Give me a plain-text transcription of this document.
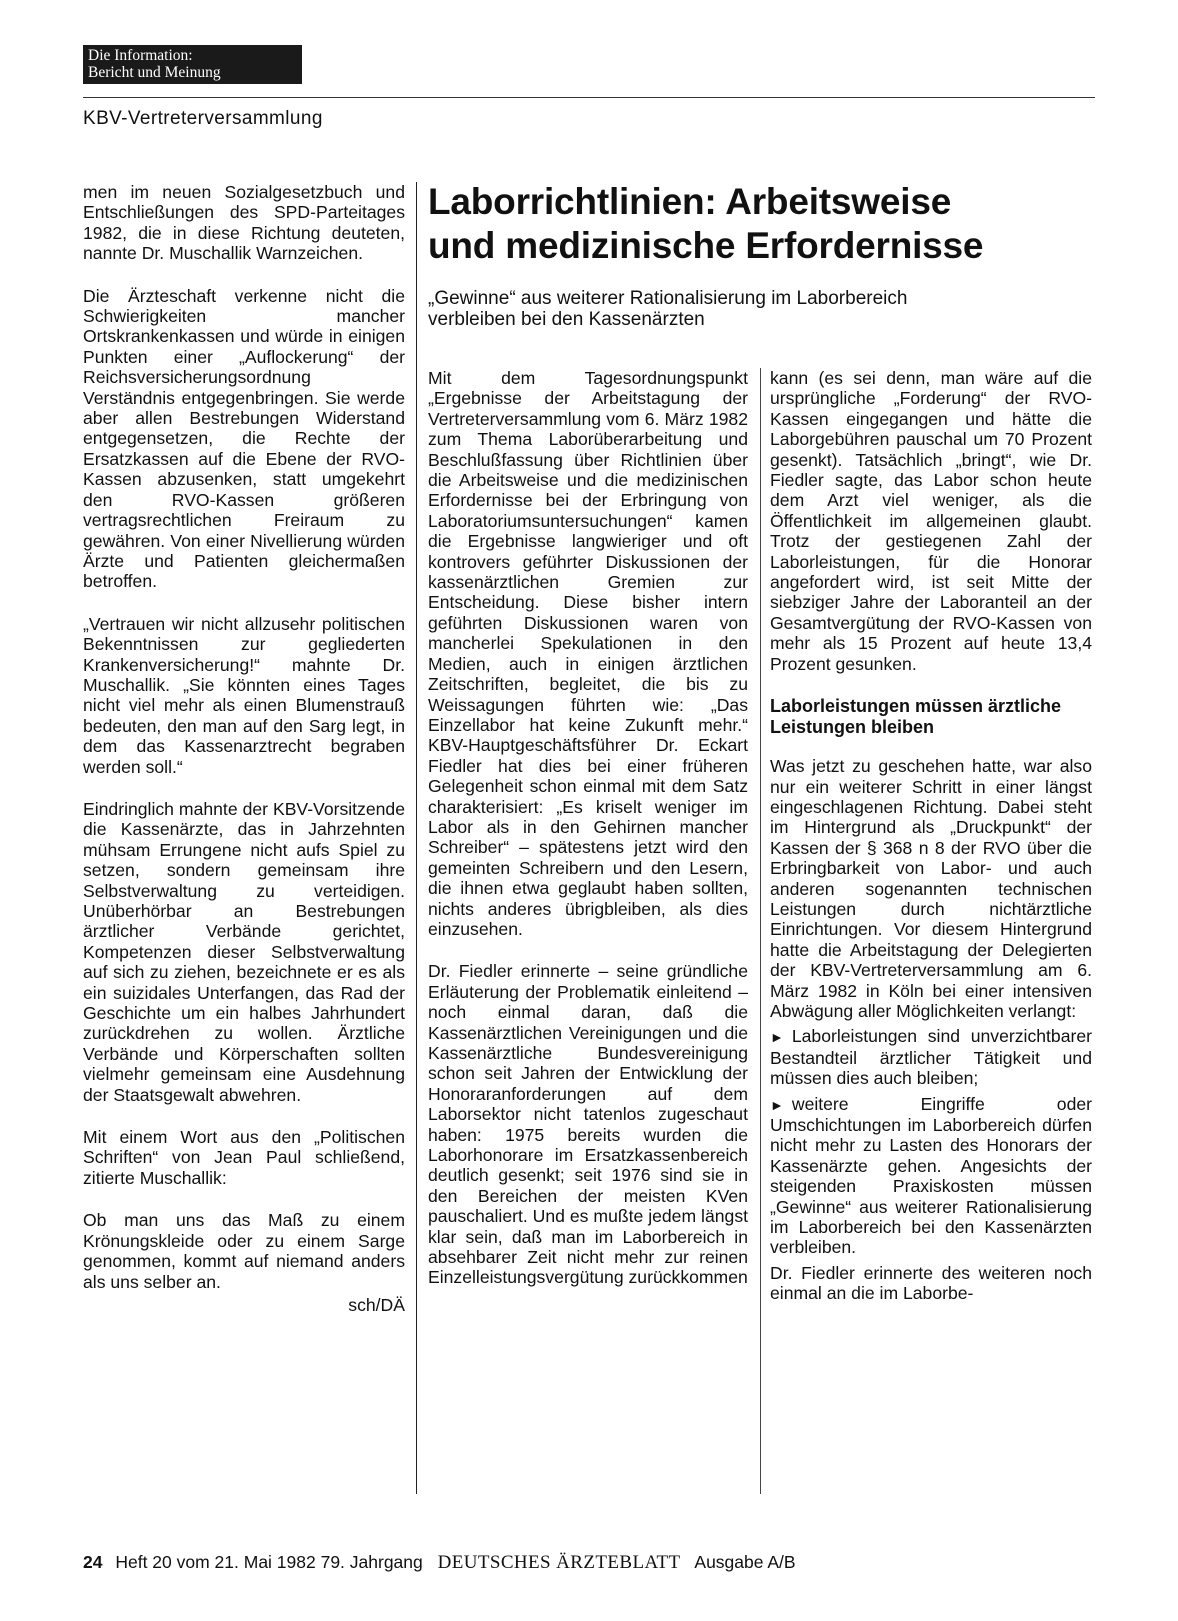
Die Information:
Bericht und Meinung
KBV-Vertreterversammlung

men im neuen Sozialgesetzbuch und Entschließungen des SPD-Parteitages 1982, die in diese Richtung deuteten, nannte Dr. Muschallik Warnzeichen.

Die Ärzteschaft verkenne nicht die Schwierigkeiten mancher Ortskrankenkassen und würde in einigen Punkten einer „Auflockerung“ der Reichsversicherungsordnung Verständnis entgegenbringen. Sie werde aber allen Bestrebungen Widerstand entgegensetzen, die Rechte der Ersatzkassen auf die Ebene der RVO-Kassen abzusenken, statt umgekehrt den RVO-Kassen größeren vertragsrechtlichen Freiraum zu gewähren. Von einer Nivellierung würden Ärzte und Patienten gleichermaßen betroffen.

„Vertrauen wir nicht allzusehr politischen Bekenntnissen zur gegliederten Krankenversicherung!“ mahnte Dr. Muschallik. „Sie könnten eines Tages nicht viel mehr als einen Blumenstrauß bedeuten, den man auf den Sarg legt, in dem das Kassenarztrecht begraben werden soll.“

Eindringlich mahnte der KBV-Vorsitzende die Kassenärzte, das in Jahrzehnten mühsam Errungene nicht aufs Spiel zu setzen, sondern gemeinsam ihre Selbstverwaltung zu verteidigen. Unüberhörbar an Bestrebungen ärztlicher Verbände gerichtet, Kompetenzen dieser Selbstverwaltung auf sich zu ziehen, bezeichnete er es als ein suizidales Unterfangen, das Rad der Geschichte um ein halbes Jahrhundert zurückdrehen zu wollen. Ärztliche Verbände und Körperschaften sollten vielmehr gemeinsam eine Ausdehnung der Staatsgewalt abwehren.

Mit einem Wort aus den „Politischen Schriften“ von Jean Paul schließend, zitierte Muschallik:

Ob man uns das Maß zu einem Krönungskleide oder zu einem Sarge genommen, kommt auf niemand anders als uns selber an.

sch/DÄ
Laborrichtlinien: Arbeitsweise
und medizinische Erfordernisse
„Gewinne“ aus weiterer Rationalisierung im Laborbereich
verbleiben bei den Kassenärzten

Mit dem Tagesordnungspunkt „Ergebnisse der Arbeitstagung der Vertreterversammlung vom 6. März 1982 zum Thema Laborüberarbeitung und Beschlußfassung über Richtlinien über die Arbeitsweise und die medizinischen Erfordernisse bei der Erbringung von Laboratoriumsuntersuchungen“ kamen die Ergebnisse langwieriger und oft kontrovers geführter Diskussionen der kassenärztlichen Gremien zur Entscheidung. Diese bisher intern geführten Diskussionen waren von mancherlei Spekulationen in den Medien, auch in einigen ärztlichen Zeitschriften, begleitet, die bis zu Weissagungen führten wie: „Das Einzellabor hat keine Zukunft mehr.“ KBV-Hauptgeschäftsführer Dr. Eckart Fiedler hat dies bei einer früheren Gelegenheit schon einmal mit dem Satz charakterisiert: „Es kriselt weniger im Labor als in den Gehirnen mancher Schreiber“ – spätestens jetzt wird den gemeinten Schreibern und den Lesern, die ihnen etwa geglaubt haben sollten, nichts anderes übrigbleiben, als dies einzusehen.

Dr. Fiedler erinnerte – seine gründliche Erläuterung der Problematik einleitend – noch einmal daran, daß die Kassenärztlichen Vereinigungen und die Kassenärztliche Bundesvereinigung schon seit Jahren der Entwicklung der Honoraranforderungen auf dem Laborsektor nicht tatenlos zugeschaut haben: 1975 bereits wurden die Laborhonorare im Ersatzkassenbereich deutlich gesenkt; seit 1976 sind sie in den Bereichen der meisten KVen pauschaliert. Und es mußte jedem längst klar sein, daß man im Laborbereich in absehbarer Zeit nicht mehr zur reinen Einzelleistungsvergütung zurückkommen

kann (es sei denn, man wäre auf die ursprüngliche „Forderung“ der RVO-Kassen eingegangen und hätte die Laborgebühren pauschal um 70 Prozent gesenkt). Tatsächlich „bringt“, wie Dr. Fiedler sagte, das Labor schon heute dem Arzt viel weniger, als die Öffentlichkeit im allgemeinen glaubt. Trotz der gestiegenen Zahl der Laborleistungen, für die Honorar angefordert wird, ist seit Mitte der siebziger Jahre der Laboranteil an der Gesamtvergütung der RVO-Kassen von mehr als 15 Prozent auf heute 13,4 Prozent gesunken.

Laborleistungen müssen ärztliche Leistungen bleiben

Was jetzt zu geschehen hatte, war also nur ein weiterer Schritt in einer längst eingeschlagenen Richtung. Dabei steht im Hintergrund als „Druckpunkt“ der Kassen der § 368 n 8 der RVO über die Erbringbarkeit von Labor- und auch anderen sogenannten technischen Leistungen durch nichtärztliche Einrichtungen. Vor diesem Hintergrund hatte die Arbeitstagung der Delegierten der KBV-Vertreterversammlung am 6. März 1982 in Köln bei einer intensiven Abwägung aller Möglichkeiten verlangt:

► Laborleistungen sind unverzichtbarer Bestandteil ärztlicher Tätigkeit und müssen dies auch bleiben;

► weitere Eingriffe oder Umschichtungen im Laborbereich dürfen nicht mehr zu Lasten des Honorars der Kassenärzte gehen. Angesichts der steigenden Praxiskosten müssen „Gewinne“ aus weiterer Rationalisierung im Laborbereich bei den Kassenärzten verbleiben.

Dr. Fiedler erinnerte des weiteren noch einmal an die im Laborbe-

24 Heft 20 vom 21. Mai 1982 79. Jahrgang DEUTSCHES ÄRZTEBLATT Ausgabe A/B
